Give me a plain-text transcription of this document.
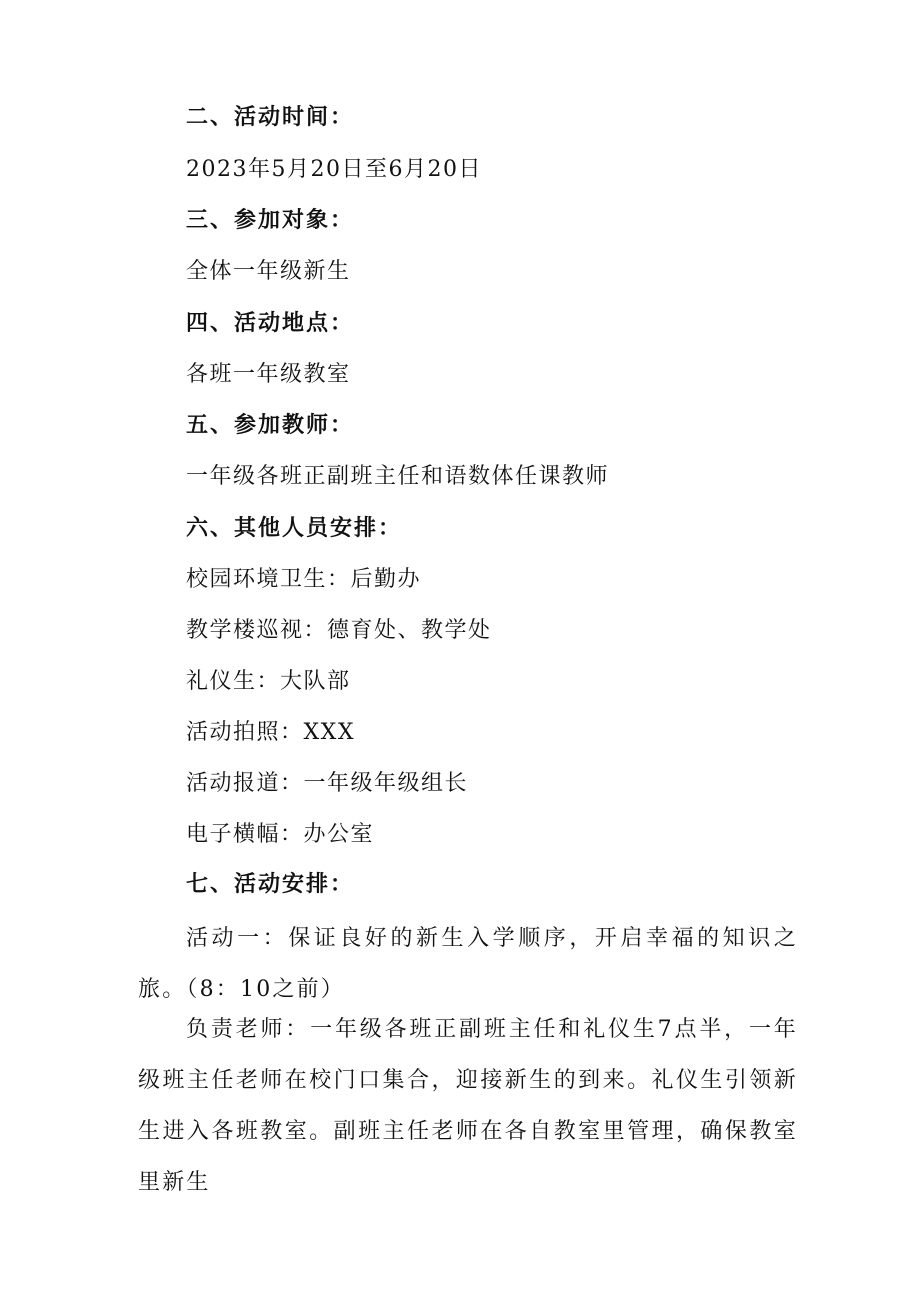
二、活动时间：
2023年5月20日至6月20日
三、参加对象：
全体一年级新生
四、活动地点：
各班一年级教室
五、参加教师：
一年级各班正副班主任和语数体任课教师
六、其他人员安排：
校园环境卫生：后勤办
教学楼巡视：德育处、教学处
礼仪生：大队部
活动拍照：XXX
活动报道：一年级年级组长
电子横幅：办公室
七、活动安排：
活动一：保证良好的新生入学顺序，开启幸福的知识之旅。（8：10之前）
负责老师：一年级各班正副班主任和礼仪生7点半，一年级班主任老师在校门口集合，迎接新生的到来。礼仪生引领新生进入各班教室。副班主任老师在各自教室里管理，确保教室里新生
